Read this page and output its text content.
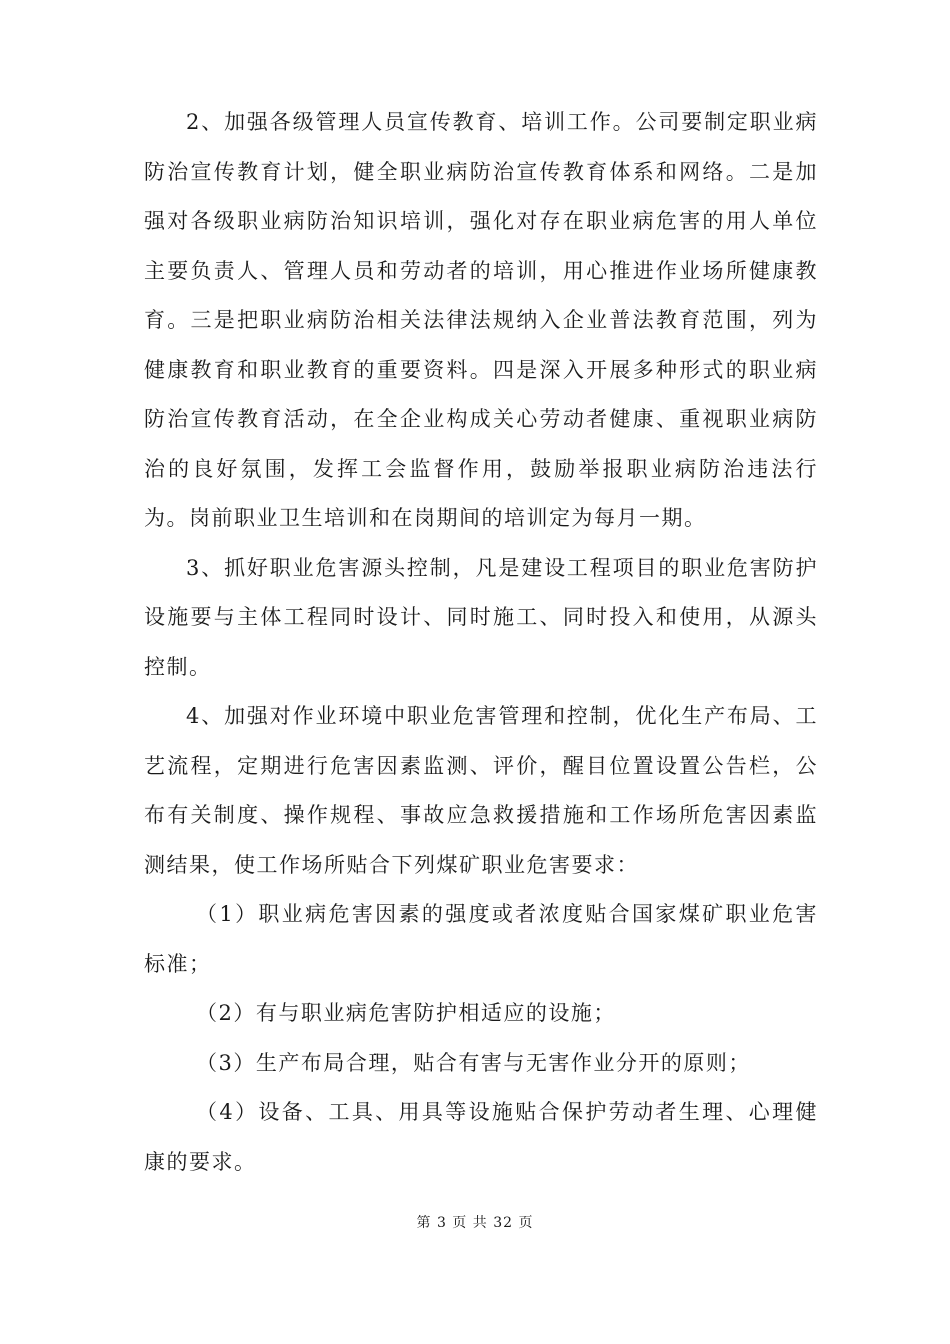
2、加强各级管理人员宣传教育、培训工作。公司要制定职业病防治宣传教育计划，健全职业病防治宣传教育体系和网络。二是加强对各级职业病防治知识培训，强化对存在职业病危害的用人单位主要负责人、管理人员和劳动者的培训，用心推进作业场所健康教育。三是把职业病防治相关法律法规纳入企业普法教育范围，列为健康教育和职业教育的重要资料。四是深入开展多种形式的职业病防治宣传教育活动，在全企业构成关心劳动者健康、重视职业病防治的良好氛围，发挥工会监督作用，鼓励举报职业病防治违法行为。岗前职业卫生培训和在岗期间的培训定为每月一期。

3、抓好职业危害源头控制，凡是建设工程项目的职业危害防护设施要与主体工程同时设计、同时施工、同时投入和使用，从源头控制。

4、加强对作业环境中职业危害管理和控制，优化生产布局、工艺流程，定期进行危害因素监测、评价，醒目位置设置公告栏，公布有关制度、操作规程、事故应急救援措施和工作场所危害因素监测结果，使工作场所贴合下列煤矿职业危害要求：

（1）职业病危害因素的强度或者浓度贴合国家煤矿职业危害标准；

（2）有与职业病危害防护相适应的设施；

（3）生产布局合理，贴合有害与无害作业分开的原则；

（4）设备、工具、用具等设施贴合保护劳动者生理、心理健康的要求。

第 3 页 共 32 页
